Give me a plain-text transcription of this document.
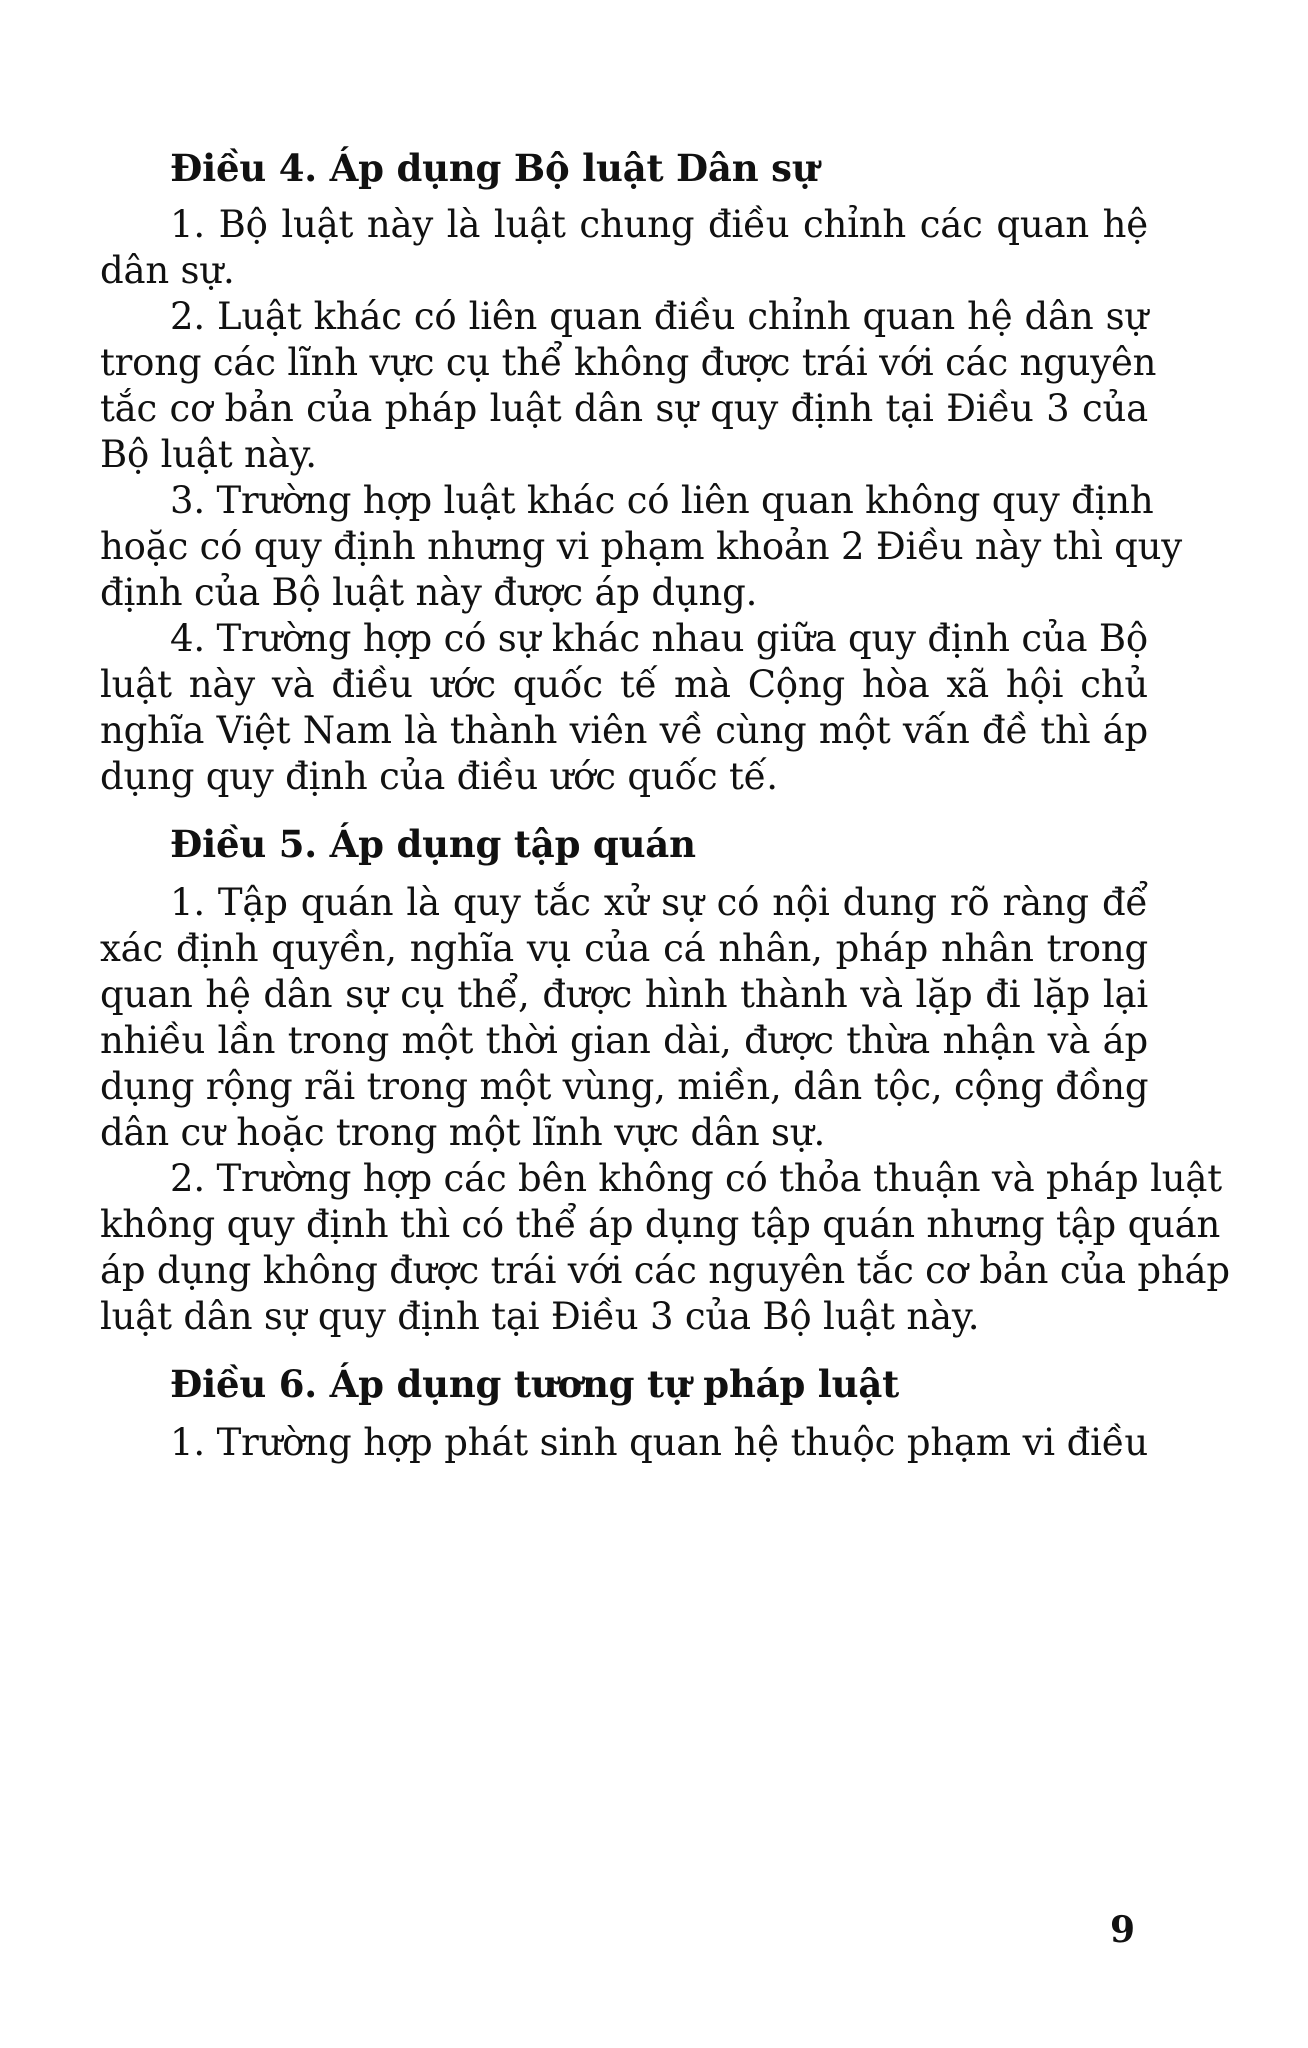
Điều 4. Áp dụng Bộ luật Dân sự
1. Bộ luật này là luật chung điều chỉnh các quan hệ
dân sự.
2. Luật khác có liên quan điều chỉnh quan hệ dân sự
trong các lĩnh vực cụ thể không được trái với các nguyên
tắc cơ bản của pháp luật dân sự quy định tại Điều 3 của
Bộ luật này.
3. Trường hợp luật khác có liên quan không quy định
hoặc có quy định nhưng vi phạm khoản 2 Điều này thì quy
định của Bộ luật này được áp dụng.
4. Trường hợp có sự khác nhau giữa quy định của Bộ
luật này và điều ước quốc tế mà Cộng hòa xã hội chủ
nghĩa Việt Nam là thành viên về cùng một vấn đề thì áp
dụng quy định của điều ước quốc tế.
Điều 5. Áp dụng tập quán
1. Tập quán là quy tắc xử sự có nội dung rõ ràng để
xác định quyền, nghĩa vụ của cá nhân, pháp nhân trong
quan hệ dân sự cụ thể, được hình thành và lặp đi lặp lại
nhiều lần trong một thời gian dài, được thừa nhận và áp
dụng rộng rãi trong một vùng, miền, dân tộc, cộng đồng
dân cư hoặc trong một lĩnh vực dân sự.
2. Trường hợp các bên không có thỏa thuận và pháp luật
không quy định thì có thể áp dụng tập quán nhưng tập quán
áp dụng không được trái với các nguyên tắc cơ bản của pháp
luật dân sự quy định tại Điều 3 của Bộ luật này.
Điều 6. Áp dụng tương tự pháp luật
1. Trường hợp phát sinh quan hệ thuộc phạm vi điều
9
